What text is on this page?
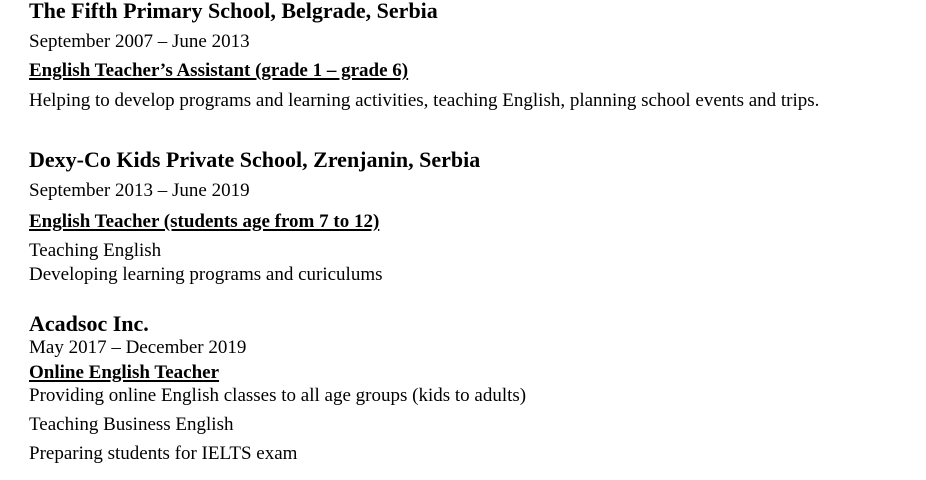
The Fifth Primary School, Belgrade, Serbia
September 2007 – June 2013
English Teacher’s Assistant (grade 1 – grade 6)
Helping to develop programs and learning activities, teaching English, planning school events and trips.
Dexy-Co Kids Private School, Zrenjanin, Serbia
September 2013 – June 2019
English Teacher (students age from 7 to 12)
Teaching English
Developing learning programs and curiculums
Acadsoc Inc.
May 2017 – December 2019
Online English Teacher
Providing online English classes to all age groups (kids to adults)
Teaching Business English
Preparing students for IELTS exam
